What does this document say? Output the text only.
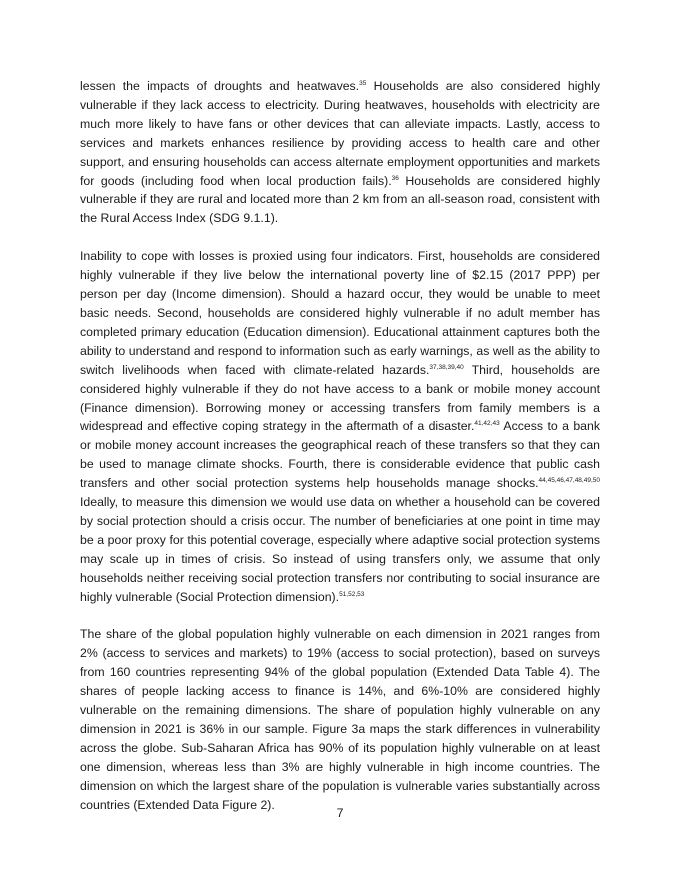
lessen the impacts of droughts and heatwaves.$^{35}$ Households are also considered highly vulnerable if they lack access to electricity. During heatwaves, households with electricity are much more likely to have fans or other devices that can alleviate impacts. Lastly, access to services and markets enhances resilience by providing access to health care and other support, and ensuring households can access alternate employment opportunities and markets for goods (including food when local production fails).$^{36}$ Households are considered highly vulnerable if they are rural and located more than 2 km from an all-season road, consistent with the Rural Access Index (SDG 9.1.1).

Inability to cope with losses is proxied using four indicators. First, households are considered highly vulnerable if they live below the international poverty line of $2.15 (2017 PPP) per person per day (Income dimension). Should a hazard occur, they would be unable to meet basic needs. Second, households are considered highly vulnerable if no adult member has completed primary education (Education dimension). Educational attainment captures both the ability to understand and respond to information such as early warnings, as well as the ability to switch livelihoods when faced with climate-related hazards.$^{37,38,39,40}$ Third, households are considered highly vulnerable if they do not have access to a bank or mobile money account (Finance dimension). Borrowing money or accessing transfers from family members is a widespread and effective coping strategy in the aftermath of a disaster.$^{41,42,43}$ Access to a bank or mobile money account increases the geographical reach of these transfers so that they can be used to manage climate shocks. Fourth, there is considerable evidence that public cash transfers and other social protection systems help households manage shocks.$^{44,45,46,47,48,49,50}$ Ideally, to measure this dimension we would use data on whether a household can be covered by social protection should a crisis occur. The number of beneficiaries at one point in time may be a poor proxy for this potential coverage, especially where adaptive social protection systems may scale up in times of crisis. So instead of using transfers only, we assume that only households neither receiving social protection transfers nor contributing to social insurance are highly vulnerable (Social Protection dimension).$^{51,52,53}$

The share of the global population highly vulnerable on each dimension in 2021 ranges from 2% (access to services and markets) to 19% (access to social protection), based on surveys from 160 countries representing 94% of the global population (Extended Data Table 4). The shares of people lacking access to finance is 14%, and 6%-10% are considered highly vulnerable on the remaining dimensions. The share of population highly vulnerable on any dimension in 2021 is 36% in our sample. Figure 3a maps the stark differences in vulnerability across the globe. Sub-Saharan Africa has 90% of its population highly vulnerable on at least one dimension, whereas less than 3% are highly vulnerable in high income countries. The dimension on which the largest share of the population is vulnerable varies substantially across countries (Extended Data Figure 2).

7
